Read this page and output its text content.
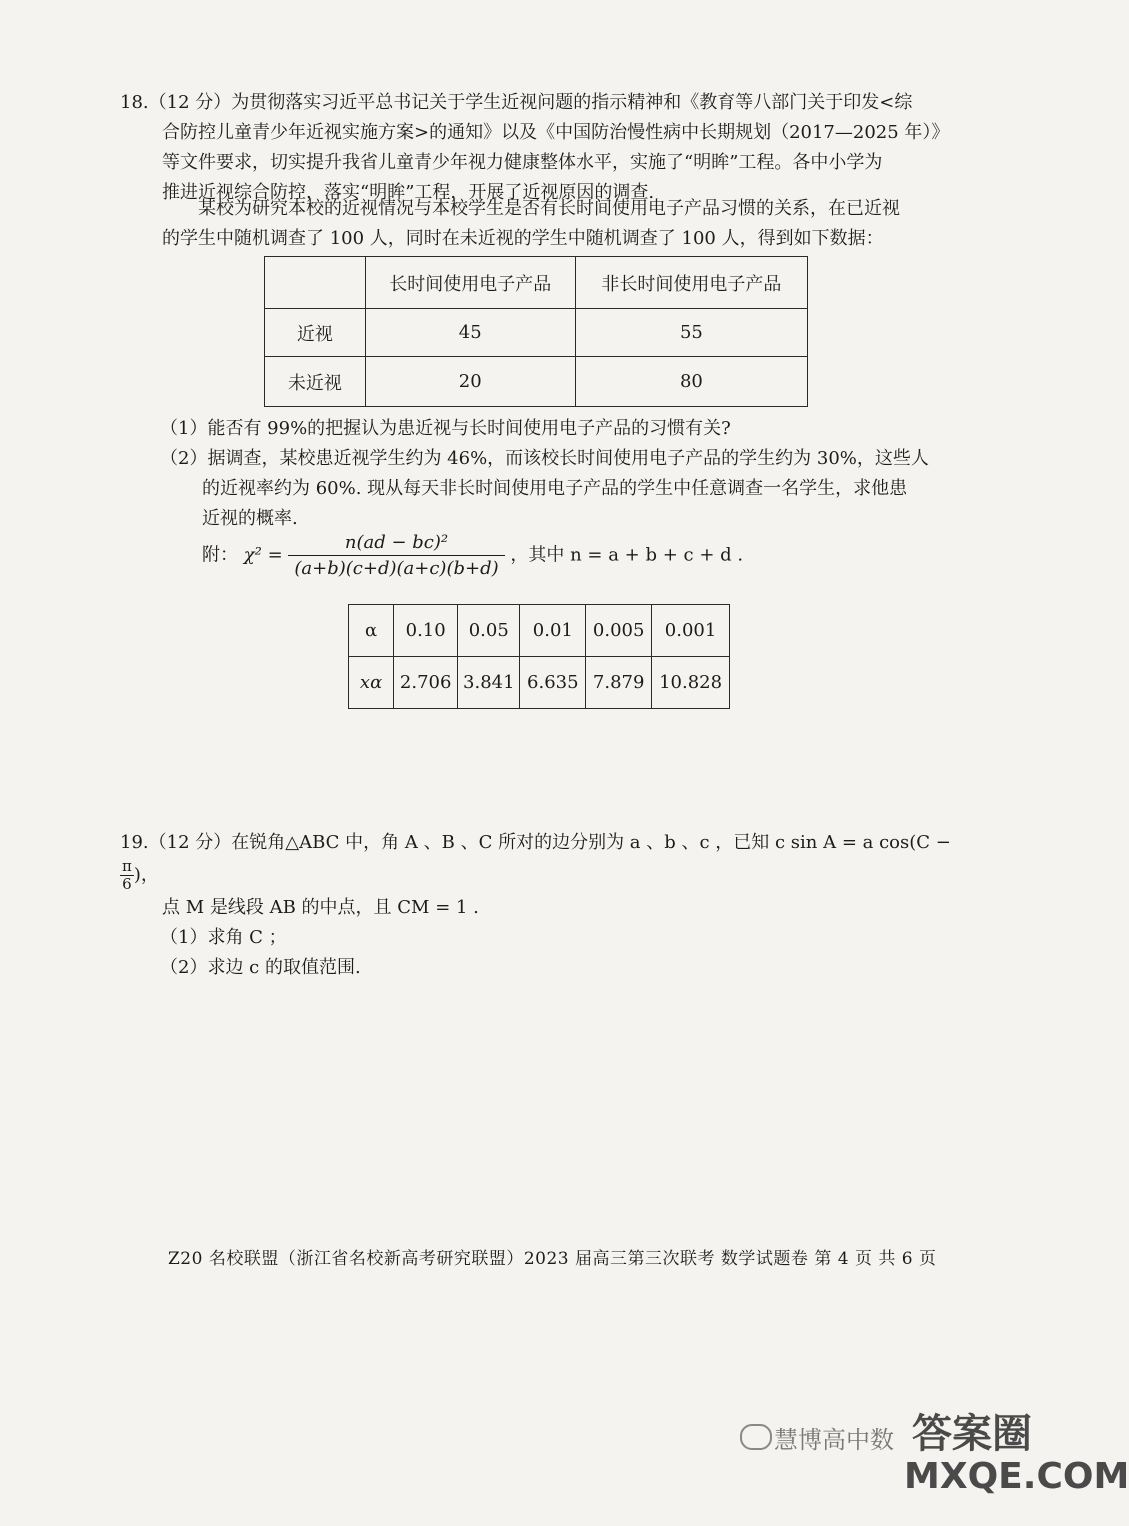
18.（12 分）为贯彻落实习近平总书记关于学生近视问题的指示精神和《教育等八部门关于印发<综
合防控儿童青少年近视实施方案>的通知》以及《中国防治慢性病中长期规划（2017—2025 年）》
等文件要求，切实提升我省儿童青少年视力健康整体水平，实施了“明眸”工程。各中小学为
推进近视综合防控，落实“明眸”工程，开展了近视原因的调查.
某校为研究本校的近视情况与本校学生是否有长时间使用电子产品习惯的关系，在已近视
的学生中随机调查了 100 人，同时在未近视的学生中随机调查了 100 人，得到如下数据：
	长时间使用电子产品	非长时间使用电子产品
近视	45	55
未近视	20	80
（1）能否有 99%的把握认为患近视与长时间使用电子产品的习惯有关?
（2）据调查，某校患近视学生约为 46%，而该校长时间使用电子产品的学生约为 30%，这些人
的近视率约为 60%. 现从每天非长时间使用电子产品的学生中任意调查一名学生，求他患
近视的概率.
附： $\chi^2 = \frac{\text{n(ad − bc)²}}{(a+b)(c+d)(a+c)(b+d)}$ ，其中 n = a + b + c + d .
α	0.10	0.05	0.01	0.005	0.001
xα	2.706	3.841	6.635	7.879	10.828
19.（12 分）在锐角△ABC 中，角 A 、B 、C 所对的边分别为 a 、b 、c ，已知 c sin A = a cos(C −
$\frac{\pi}{6}$ )，
点 M 是线段 AB 的中点，且 CM = 1 .
（1）求角 C ；
（2）求边 c 的取值范围.
Z20 名校联盟（浙江省名校新高考研究联盟）2023 届高三第三次联考 数学试题卷 第 4 页 共 6 页
慧博高中数 答案圈
MXQE.COM
